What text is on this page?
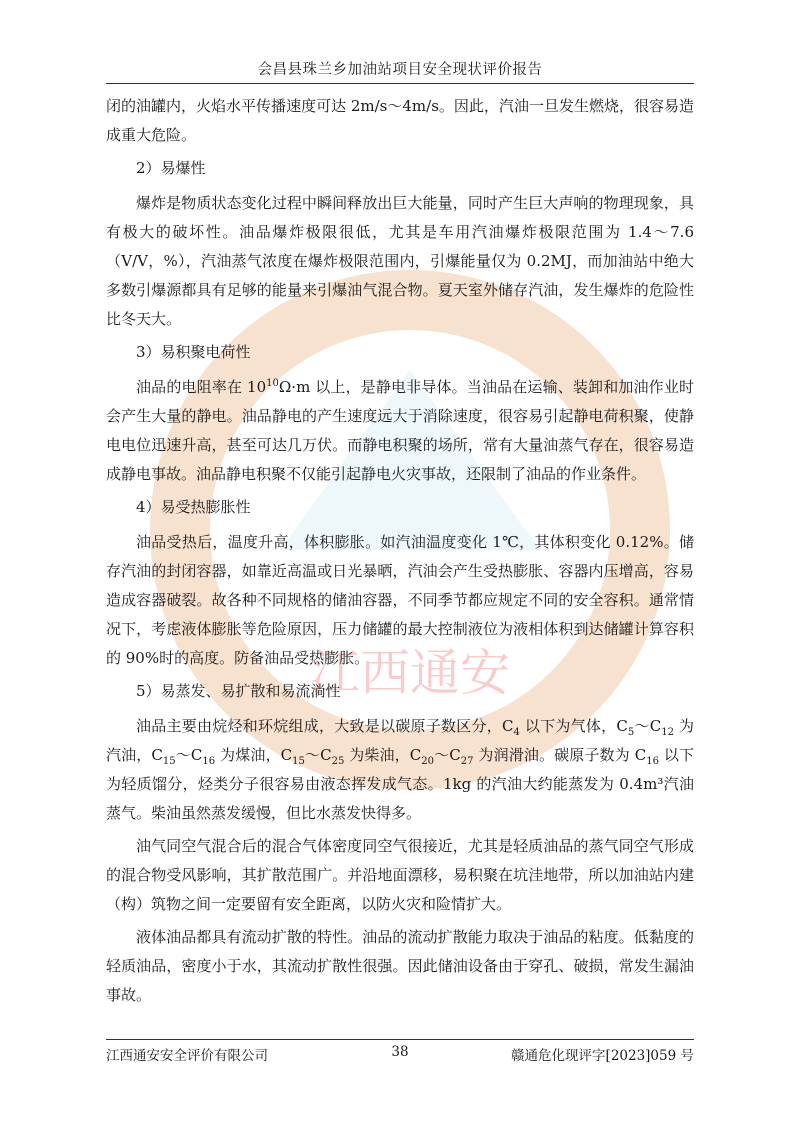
会昌县珠兰乡加油站项目安全现状评价报告
江西通安

闭的油罐内，火焰水平传播速度可达 2m/s～4m/s。因此，汽油一旦发生燃烧，很容易造成重大危险。

2）易爆性

爆炸是物质状态变化过程中瞬间释放出巨大能量，同时产生巨大声响的物理现象，具有极大的破坏性。油品爆炸极限很低，尤其是车用汽油爆炸极限范围为 1.4～7.6（V/V，%），汽油蒸气浓度在爆炸极限范围内，引爆能量仅为 0.2MJ，而加油站中绝大多数引爆源都具有足够的能量来引爆油气混合物。夏天室外储存汽油，发生爆炸的危险性比冬天大。

3）易积聚电荷性

油品的电阻率在 $10^{10}\Omega\cdot m$ 以上，是静电非导体。当油品在运输、装卸和加油作业时会产生大量的静电。油品静电的产生速度远大于消除速度，很容易引起静电荷积聚，使静电电位迅速升高，甚至可达几万伏。而静电积聚的场所，常有大量油蒸气存在，很容易造成静电事故。油品静电积聚不仅能引起静电火灾事故，还限制了油品的作业条件。

4）易受热膨胀性

油品受热后，温度升高，体积膨胀。如汽油温度变化 1℃，其体积变化 0.12%。储存汽油的封闭容器，如靠近高温或日光暴晒，汽油会产生受热膨胀、容器内压增高，容易造成容器破裂。故各种不同规格的储油容器，不同季节都应规定不同的安全容积。通常情况下，考虑液体膨胀等危险原因，压力储罐的最大控制液位为液相体积到达储罐计算容积的 90%时的高度。防备油品受热膨胀。

5）易蒸发、易扩散和易流淌性

油品主要由烷烃和环烷组成，大致是以碳原子数区分，$C_4$ 以下为气体，$C_5\sim C_{12}$ 为汽油，$C_{15}\sim C_{16}$ 为煤油，$C_{15}\sim C_{25}$ 为柴油，$C_{20}\sim C_{27}$ 为润滑油。碳原子数为 $C_{16}$ 以下为轻质馏分，烃类分子很容易由液态挥发成气态。1kg 的汽油大约能蒸发为 0.4m³汽油蒸气。柴油虽然蒸发缓慢，但比水蒸发快得多。

油气同空气混合后的混合气体密度同空气很接近，尤其是轻质油品的蒸气同空气形成的混合物受风影响，其扩散范围广。并沿地面漂移，易积聚在坑洼地带，所以加油站内建（构）筑物之间一定要留有安全距离，以防火灾和险情扩大。

液体油品都具有流动扩散的特性。油品的流动扩散能力取决于油品的粘度。低黏度的轻质油品，密度小于水，其流动扩散性很强。因此储油设备由于穿孔、破损，常发生漏油事故。

江西通安安全评价有限公司	38	赣通危化现评字[2023]059 号
